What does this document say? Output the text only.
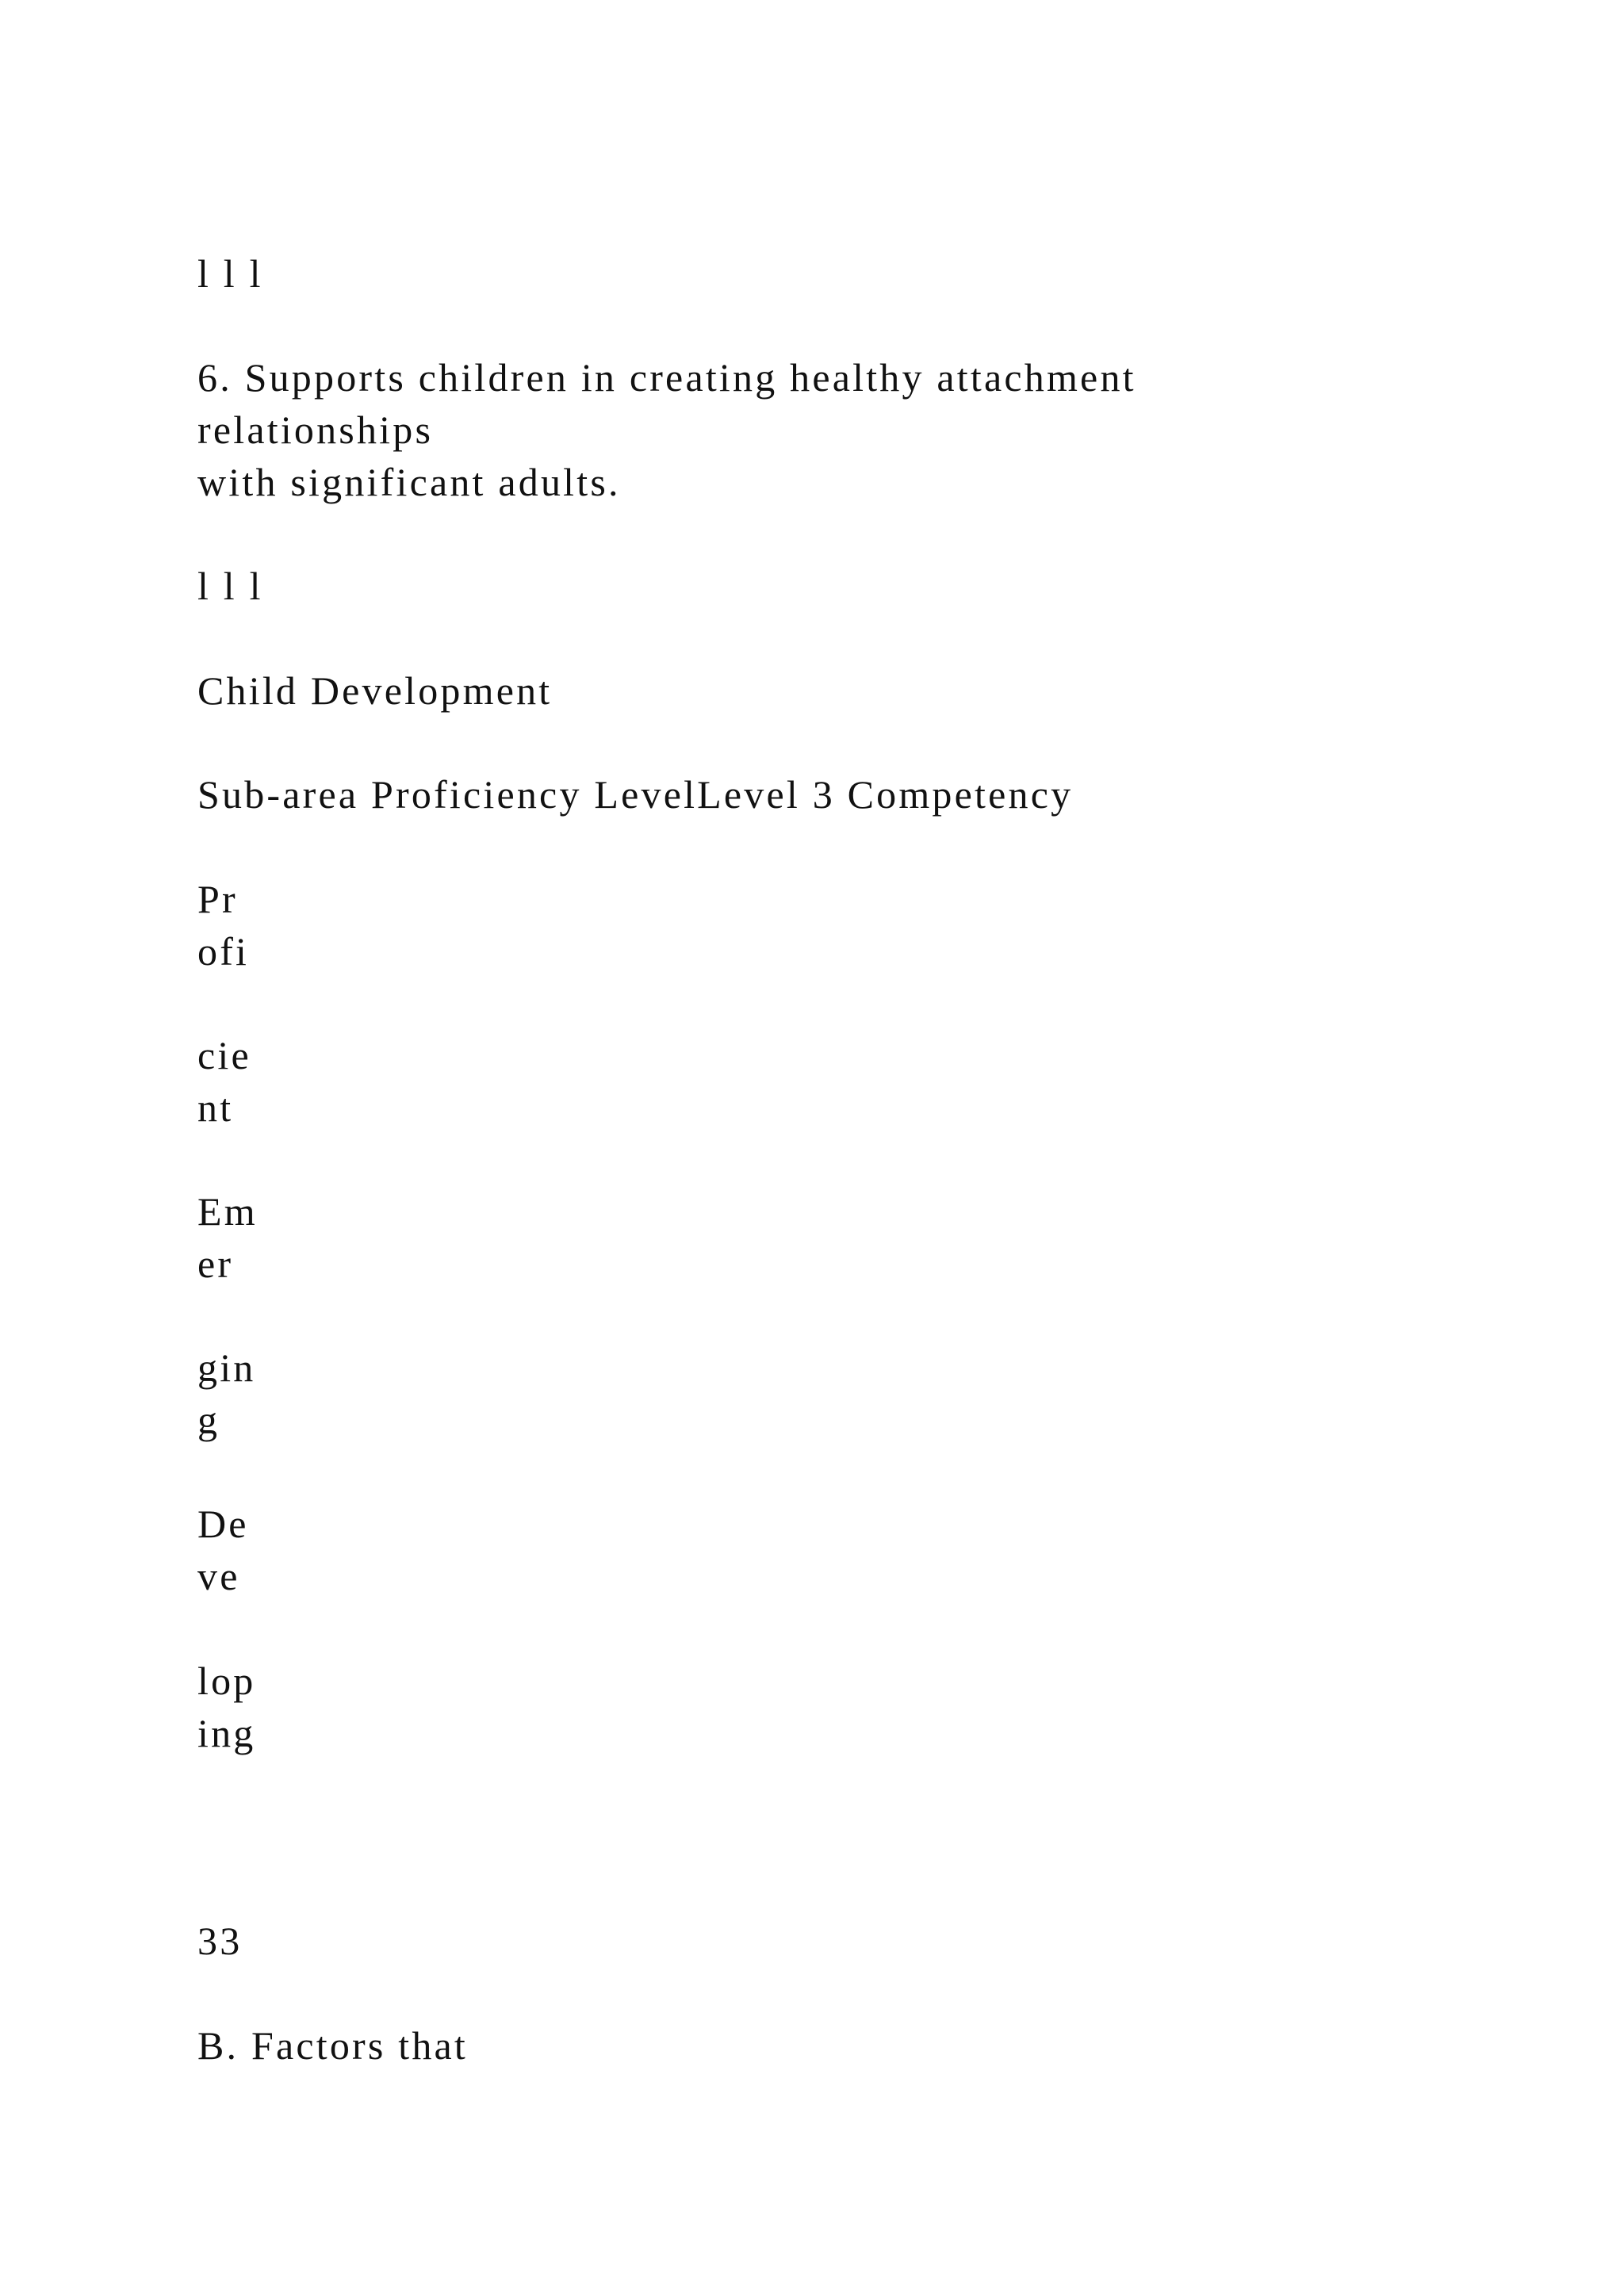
l l l
6. Supports children in creating healthy attachment
relationships
with significant adults.
l l l
Child Development
Sub-area Proficiency LevelLevel 3 Competency
Pr
ofi
cie
nt
Em
er
gin
g
De
ve
lop
ing
33
B. Factors that
